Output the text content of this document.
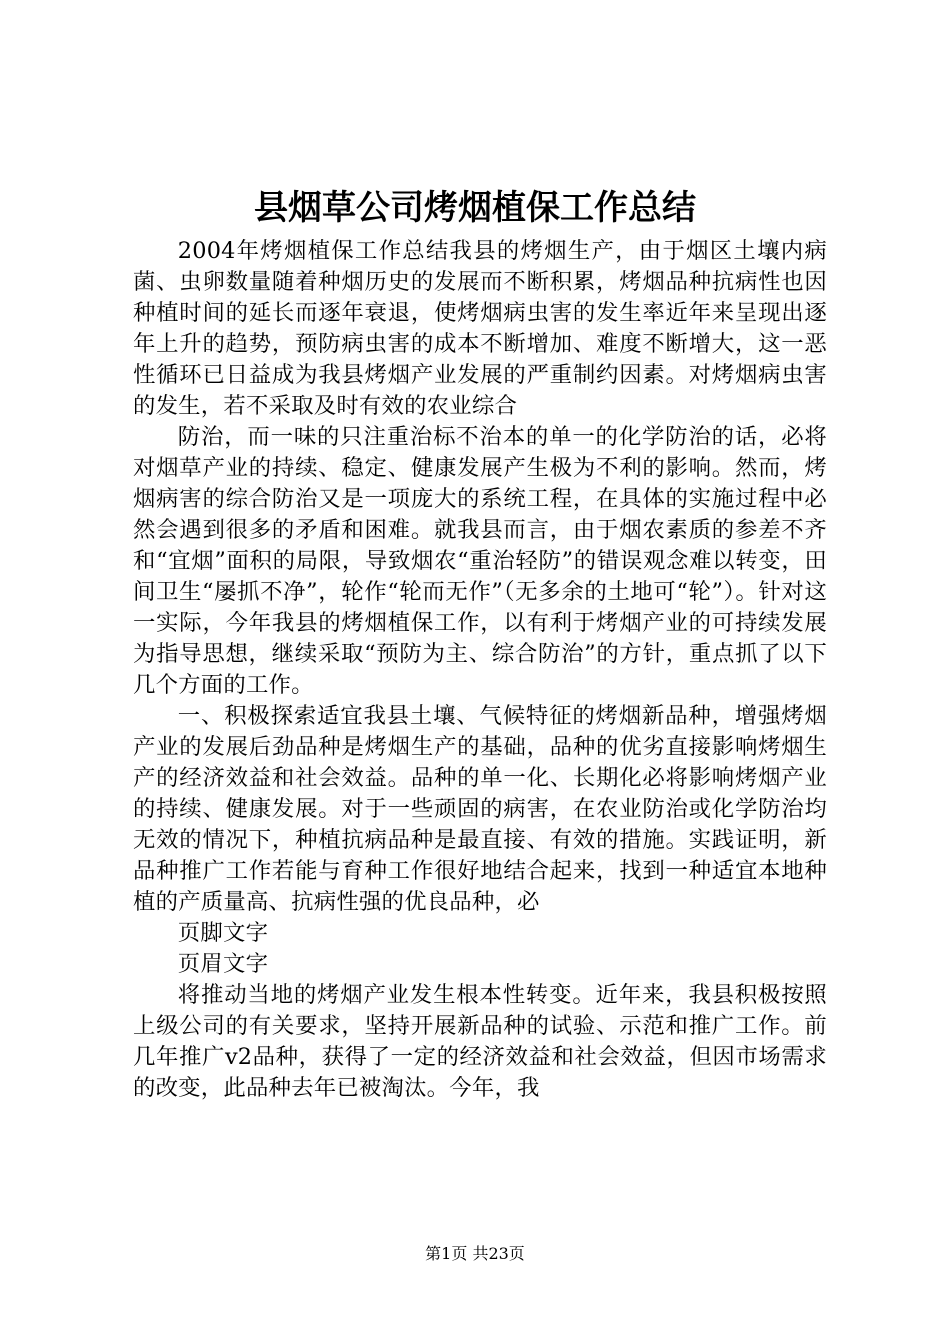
县烟草公司烤烟植保工作总结

2004年烤烟植保工作总结我县的烤烟生产，由于烟区土壤内病菌、虫卵数量随着种烟历史的发展而不断积累，烤烟品种抗病性也因种植时间的延长而逐年衰退，使烤烟病虫害的发生率近年来呈现出逐年上升的趋势，预防病虫害的成本不断增加、难度不断增大，这一恶性循环已日益成为我县烤烟产业发展的严重制约因素。对烤烟病虫害的发生，若不采取及时有效的农业综合

防治，而一味的只注重治标不治本的单一的化学防治的话，必将对烟草产业的持续、稳定、健康发展产生极为不利的影响。然而，烤烟病害的综合防治又是一项庞大的系统工程，在具体的实施过程中必然会遇到很多的矛盾和困难。就我县而言，由于烟农素质的参差不齐和“宜烟”面积的局限，导致烟农“重治轻防”的错误观念难以转变，田间卫生“屡抓不净”，轮作“轮而无作”（无多余的土地可“轮”）。针对这一实际，今年我县的烤烟植保工作，以有利于烤烟产业的可持续发展为指导思想，继续采取“预防为主、综合防治”的方针，重点抓了以下几个方面的工作。

一、积极探索适宜我县土壤、气候特征的烤烟新品种，增强烤烟产业的发展后劲品种是烤烟生产的基础，品种的优劣直接影响烤烟生产的经济效益和社会效益。品种的单一化、长期化必将影响烤烟产业的持续、健康发展。对于一些顽固的病害，在农业防治或化学防治均无效的情况下，种植抗病品种是最直接、有效的措施。实践证明，新品种推广工作若能与育种工作很好地结合起来，找到一种适宜本地种植的产质量高、抗病性强的优良品种，必

页脚文字

页眉文字

将推动当地的烤烟产业发生根本性转变。近年来，我县积极按照上级公司的有关要求，坚持开展新品种的试验、示范和推广工作。前几年推广v2品种，获得了一定的经济效益和社会效益，但因市场需求的改变，此品种去年已被淘汰。今年，我

第1页 共23页
